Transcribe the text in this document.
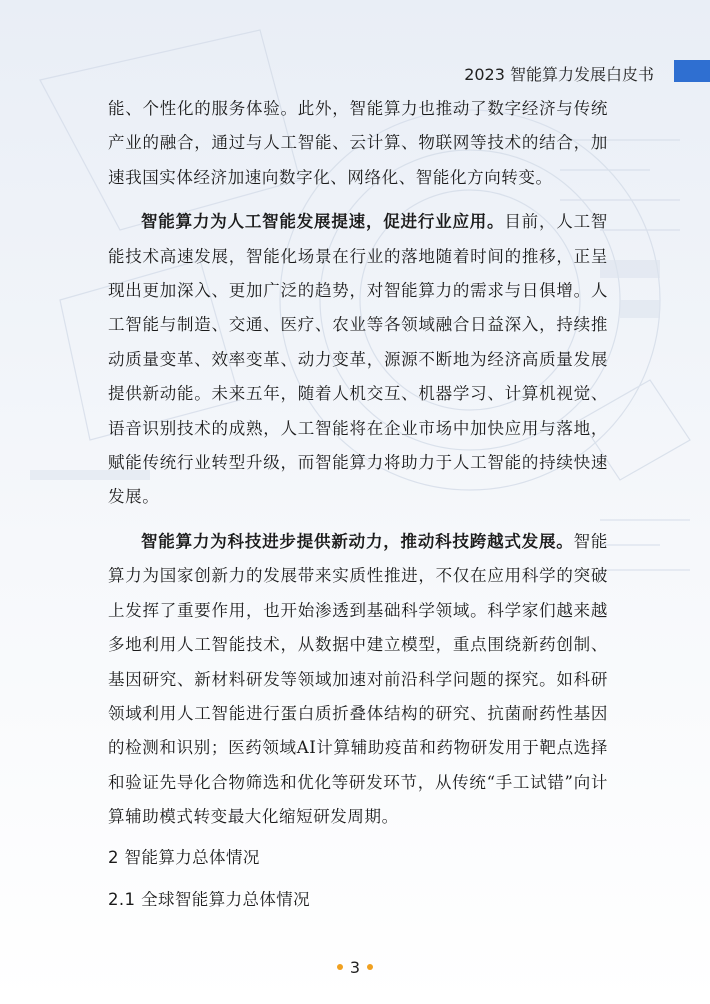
2023 智能算力发展白皮书

能、个性化的服务体验。此外，智能算力也推动了数字经济与传统产业的融合，通过与人工智能、云计算、物联网等技术的结合，加速我国实体经济加速向数字化、网络化、智能化方向转变。

智能算力为人工智能发展提速，促进行业应用。目前，人工智能技术高速发展，智能化场景在行业的落地随着时间的推移，正呈现出更加深入、更加广泛的趋势，对智能算力的需求与日俱增。人工智能与制造、交通、医疗、农业等各领域融合日益深入，持续推动质量变革、效率变革、动力变革，源源不断地为经济高质量发展提供新动能。未来五年，随着人机交互、机器学习、计算机视觉、语音识别技术的成熟，人工智能将在企业市场中加快应用与落地，赋能传统行业转型升级，而智能算力将助力于人工智能的持续快速发展。

智能算力为科技进步提供新动力，推动科技跨越式发展。智能算力为国家创新力的发展带来实质性推进，不仅在应用科学的突破上发挥了重要作用，也开始渗透到基础科学领域。科学家们越来越多地利用人工智能技术，从数据中建立模型，重点围绕新药创制、基因研究、新材料研发等领域加速对前沿科学问题的探究。如科研领域利用人工智能进行蛋白质折叠体结构的研究、抗菌耐药性基因的检测和识别；医药领域AI计算辅助疫苗和药物研发用于靶点选择和验证先导化合物筛选和优化等研发环节，从传统“手工试错”向计算辅助模式转变最大化缩短研发周期。

2 智能算力总体情况

2.1 全球智能算力总体情况

3
